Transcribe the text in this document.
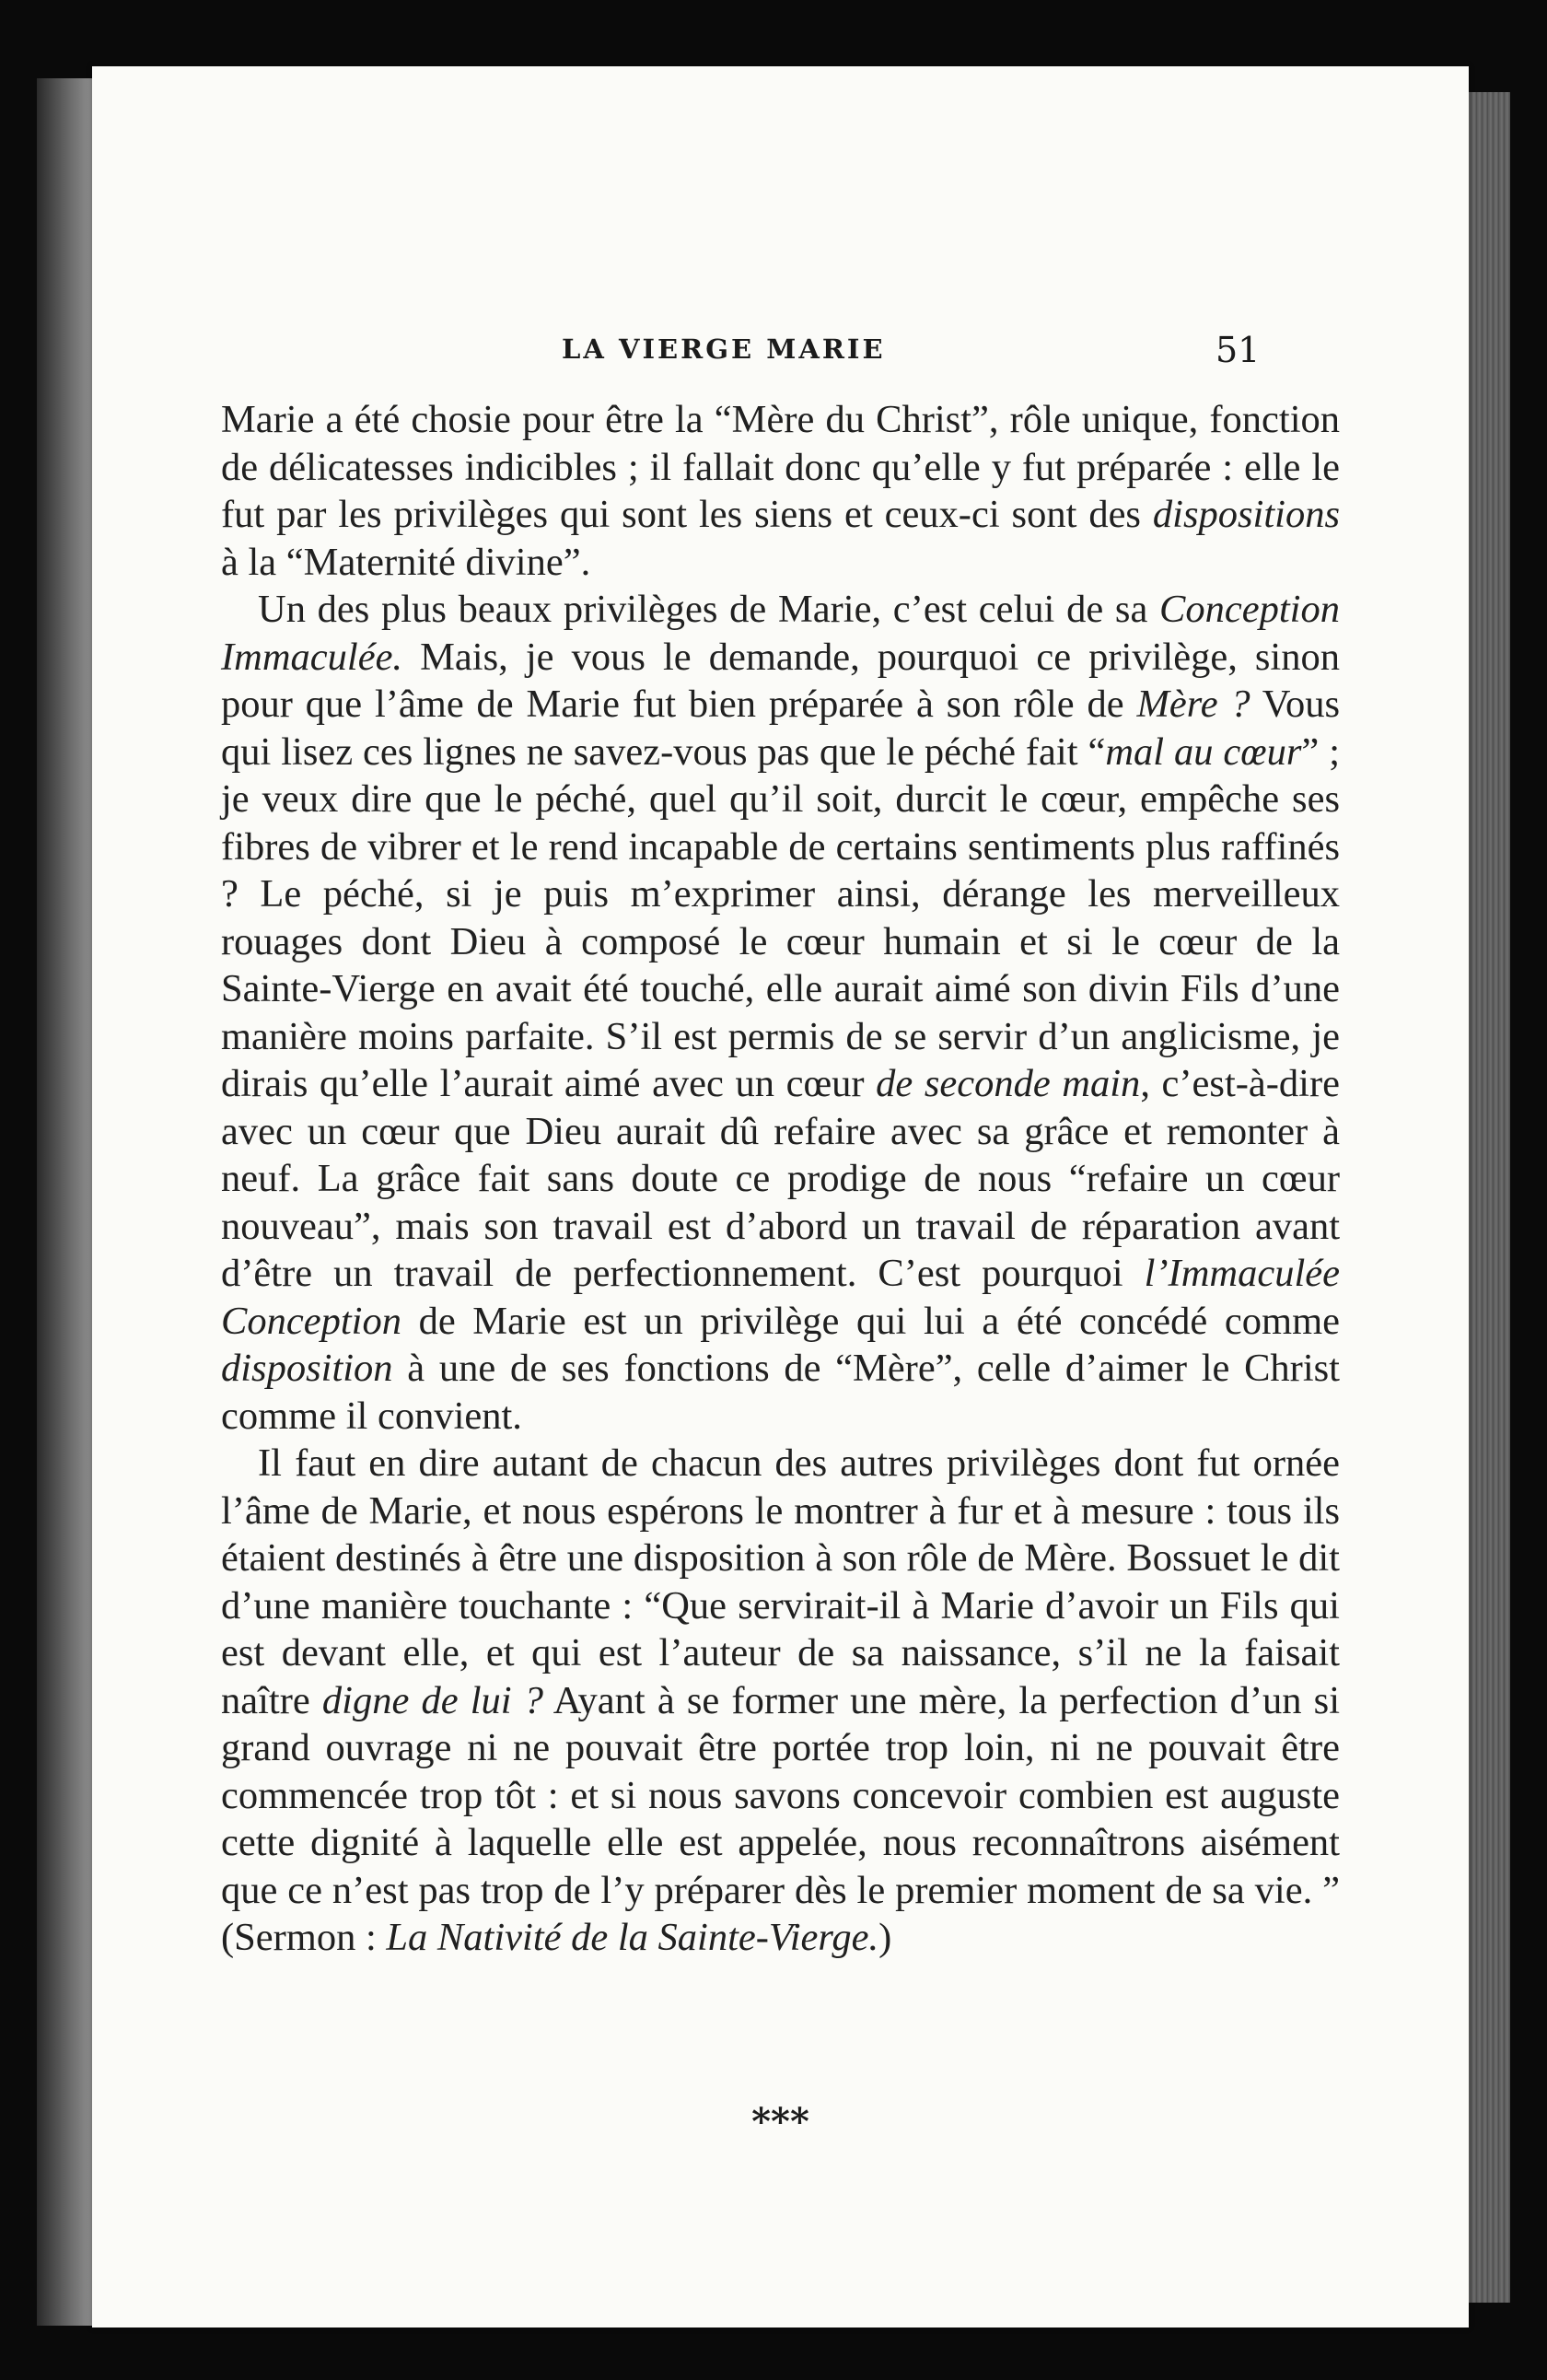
LA VIERGE MARIE	51

Marie a été chosie pour être la “Mère du Christ”, rôle unique, fonction de délicatesses indicibles ; il fallait donc qu’elle y fut préparée : elle le fut par les privilèges qui sont les siens et ceux-ci sont des dispositions à la “Maternité divine”.

Un des plus beaux privilèges de Marie, c’est celui de sa Conception Immaculée. Mais, je vous le demande, pourquoi ce privilège, sinon pour que l’âme de Marie fut bien préparée à son rôle de Mère ? Vous qui lisez ces lignes ne savez-vous pas que le péché fait “mal au cœur” ; je veux dire que le péché, quel qu’il soit, durcit le cœur, empêche ses fibres de vibrer et le rend incapable de certains sentiments plus raffinés ? Le péché, si je puis m’exprimer ainsi, dérange les merveilleux rouages dont Dieu à composé le cœur humain et si le cœur de la Sainte-Vierge en avait été touché, elle aurait aimé son divin Fils d’une manière moins parfaite. S’il est permis de se servir d’un anglicisme, je dirais qu’elle l’aurait aimé avec un cœur de seconde main, c’est-à-dire avec un cœur que Dieu aurait dû refaire avec sa grâce et remonter à neuf. La grâce fait sans doute ce prodige de nous “refaire un cœur nouveau”, mais son travail est d’abord un travail de réparation avant d’être un travail de perfectionnement. C’est pourquoi l’Immaculée Conception de Marie est un privilège qui lui a été concédé comme disposition à une de ses fonctions de “Mère”, celle d’aimer le Christ comme il convient.

Il faut en dire autant de chacun des autres privilèges dont fut ornée l’âme de Marie, et nous espérons le montrer à fur et à mesure : tous ils étaient destinés à être une disposition à son rôle de Mère. Bossuet le dit d’une manière touchante : “Que servirait-il à Marie d’avoir un Fils qui est devant elle, et qui est l’auteur de sa naissance, s’il ne la faisait naître digne de lui ? Ayant à se former une mère, la perfection d’un si grand ouvrage ni ne pouvait être portée trop loin, ni ne pouvait être commencée trop tôt : et si nous savons concevoir combien est auguste cette dignité à laquelle elle est appelée, nous reconnaîtrons aisément que ce n’est pas trop de l’y préparer dès le premier moment de sa vie. ” (Sermon : La Nativité de la Sainte-Vierge.)

***
